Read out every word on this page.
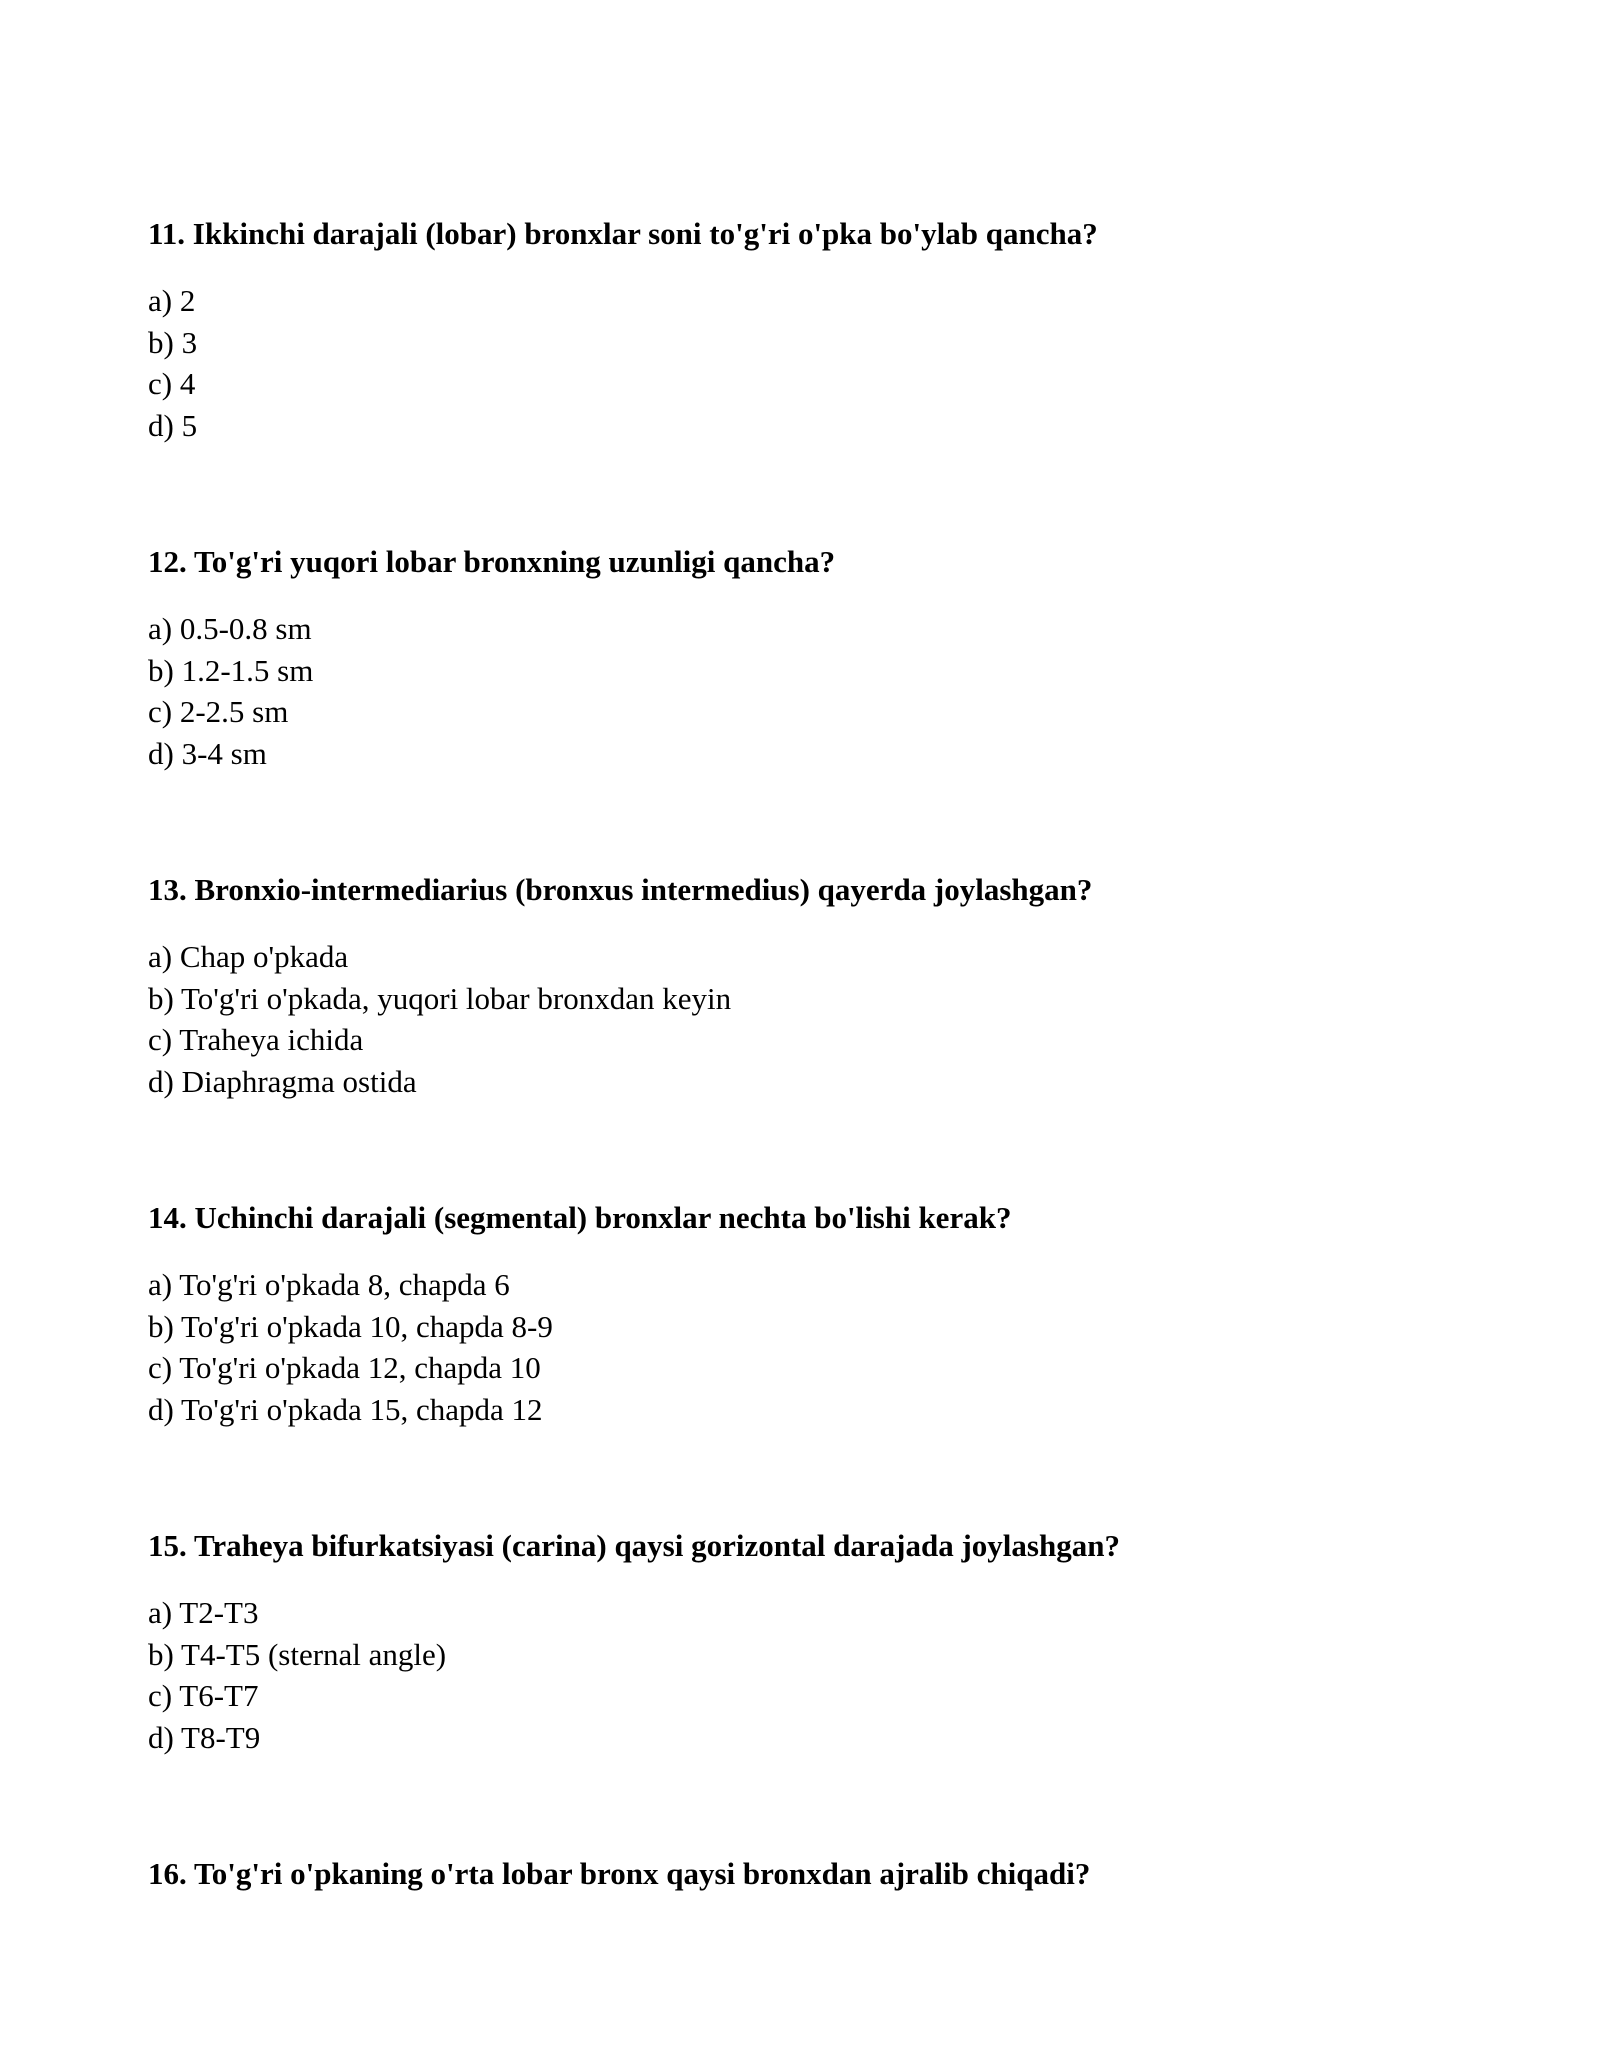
11. Ikkinchi darajali (lobar) bronxlar soni to'g'ri o'pka bo'ylab qancha?

a) 2
b) 3
c) 4
d) 5

12. To'g'ri yuqori lobar bronxning uzunligi qancha?

a) 0.5-0.8 sm
b) 1.2-1.5 sm
c) 2-2.5 sm
d) 3-4 sm

13. Bronxio-intermediarius (bronxus intermedius) qayerda joylashgan?

a) Chap o'pkada
b) To'g'ri o'pkada, yuqori lobar bronxdan keyin
c) Traheya ichida
d) Diaphragma ostida

14. Uchinchi darajali (segmental) bronxlar nechta bo'lishi kerak?

a) To'g'ri o'pkada 8, chapda 6
b) To'g'ri o'pkada 10, chapda 8-9
c) To'g'ri o'pkada 12, chapda 10
d) To'g'ri o'pkada 15, chapda 12

15. Traheya bifurkatsiyasi (carina) qaysi gorizontal darajada joylashgan?

a) T2-T3
b) T4-T5 (sternal angle)
c) T6-T7
d) T8-T9

16. To'g'ri o'pkaning o'rta lobar bronx qaysi bronxdan ajralib chiqadi?
